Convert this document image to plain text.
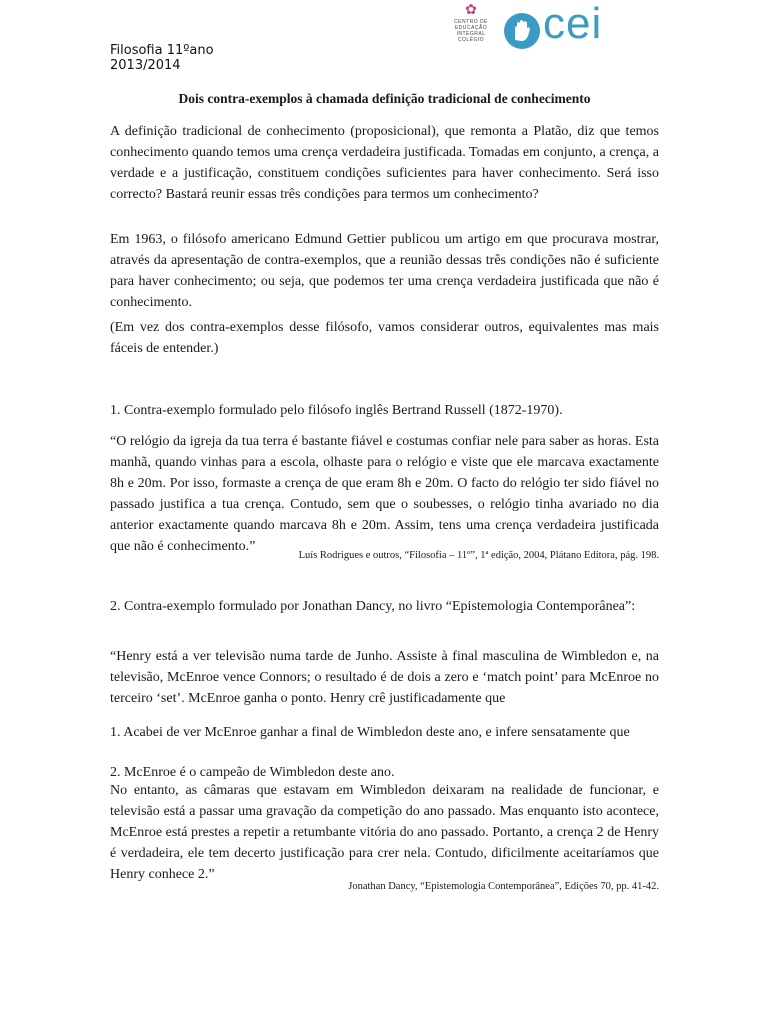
✿
CENTRO DE EDUCAÇÃO INTEGRAL COLÉGIO cei
Filosofia 11ºano
2013/2014
Dois contra-exemplos à chamada definição tradicional de conhecimento

A definição tradicional de conhecimento (proposicional), que remonta a Platão, diz que temos conhecimento quando temos uma crença verdadeira justificada. Tomadas em conjunto, a crença, a verdade e a justificação, constituem condições suficientes para haver conhecimento. Será isso correcto? Bastará reunir essas três condições para termos um conhecimento?

Em 1963, o filósofo americano Edmund Gettier publicou um artigo em que procurava mostrar, através da apresentação de contra-exemplos, que a reunião dessas três condições não é suficiente para haver conhecimento; ou seja, que podemos ter uma crença verdadeira justificada que não é conhecimento.

(Em vez dos contra-exemplos desse filósofo, vamos considerar outros, equivalentes mas mais fáceis de entender.)

1. Contra-exemplo formulado pelo filósofo inglês Bertrand Russell (1872-1970).

“O relógio da igreja da tua terra é bastante fiável e costumas confiar nele para saber as horas. Esta manhã, quando vinhas para a escola, olhaste para o relógio e viste que ele marcava exactamente 8h e 20m. Por isso, formaste a crença de que eram 8h e 20m. O facto do relógio ter sido fiável no passado justifica a tua crença. Contudo, sem que o soubesses, o relógio tinha avariado no dia anterior exactamente quando marcava 8h e 20m. Assim, tens uma crença verdadeira justificada que não é conhecimento.”

Luís Rodrigues e outros, “Filosofia – 11º”, 1ª edição, 2004, Plátano Editora, pág. 198.

2. Contra-exemplo formulado por Jonathan Dancy, no livro “Epistemologia Contemporânea”:

“Henry está a ver televisão numa tarde de Junho. Assiste à final masculina de Wimbledon e, na televisão, McEnroe vence Connors; o resultado é de dois a zero e ‘match point’ para McEnroe no terceiro ‘set’. McEnroe ganha o ponto. Henry crê justificadamente que

1. Acabei de ver McEnroe ganhar a final de Wimbledon deste ano, e infere sensatamente que

2. McEnroe é o campeão de Wimbledon deste ano.

No entanto, as câmaras que estavam em Wimbledon deixaram na realidade de funcionar, e televisão está a passar uma gravação da competição do ano passado. Mas enquanto isto acontece, McEnroe está prestes a repetir a retumbante vitória do ano passado. Portanto, a crença 2 de Henry é verdadeira, ele tem decerto justificação para crer nela. Contudo, dificilmente aceitaríamos que Henry conhece 2.”

Jonathan Dancy, “Epistemologia Contemporânea”, Edições 70, pp. 41-42.
